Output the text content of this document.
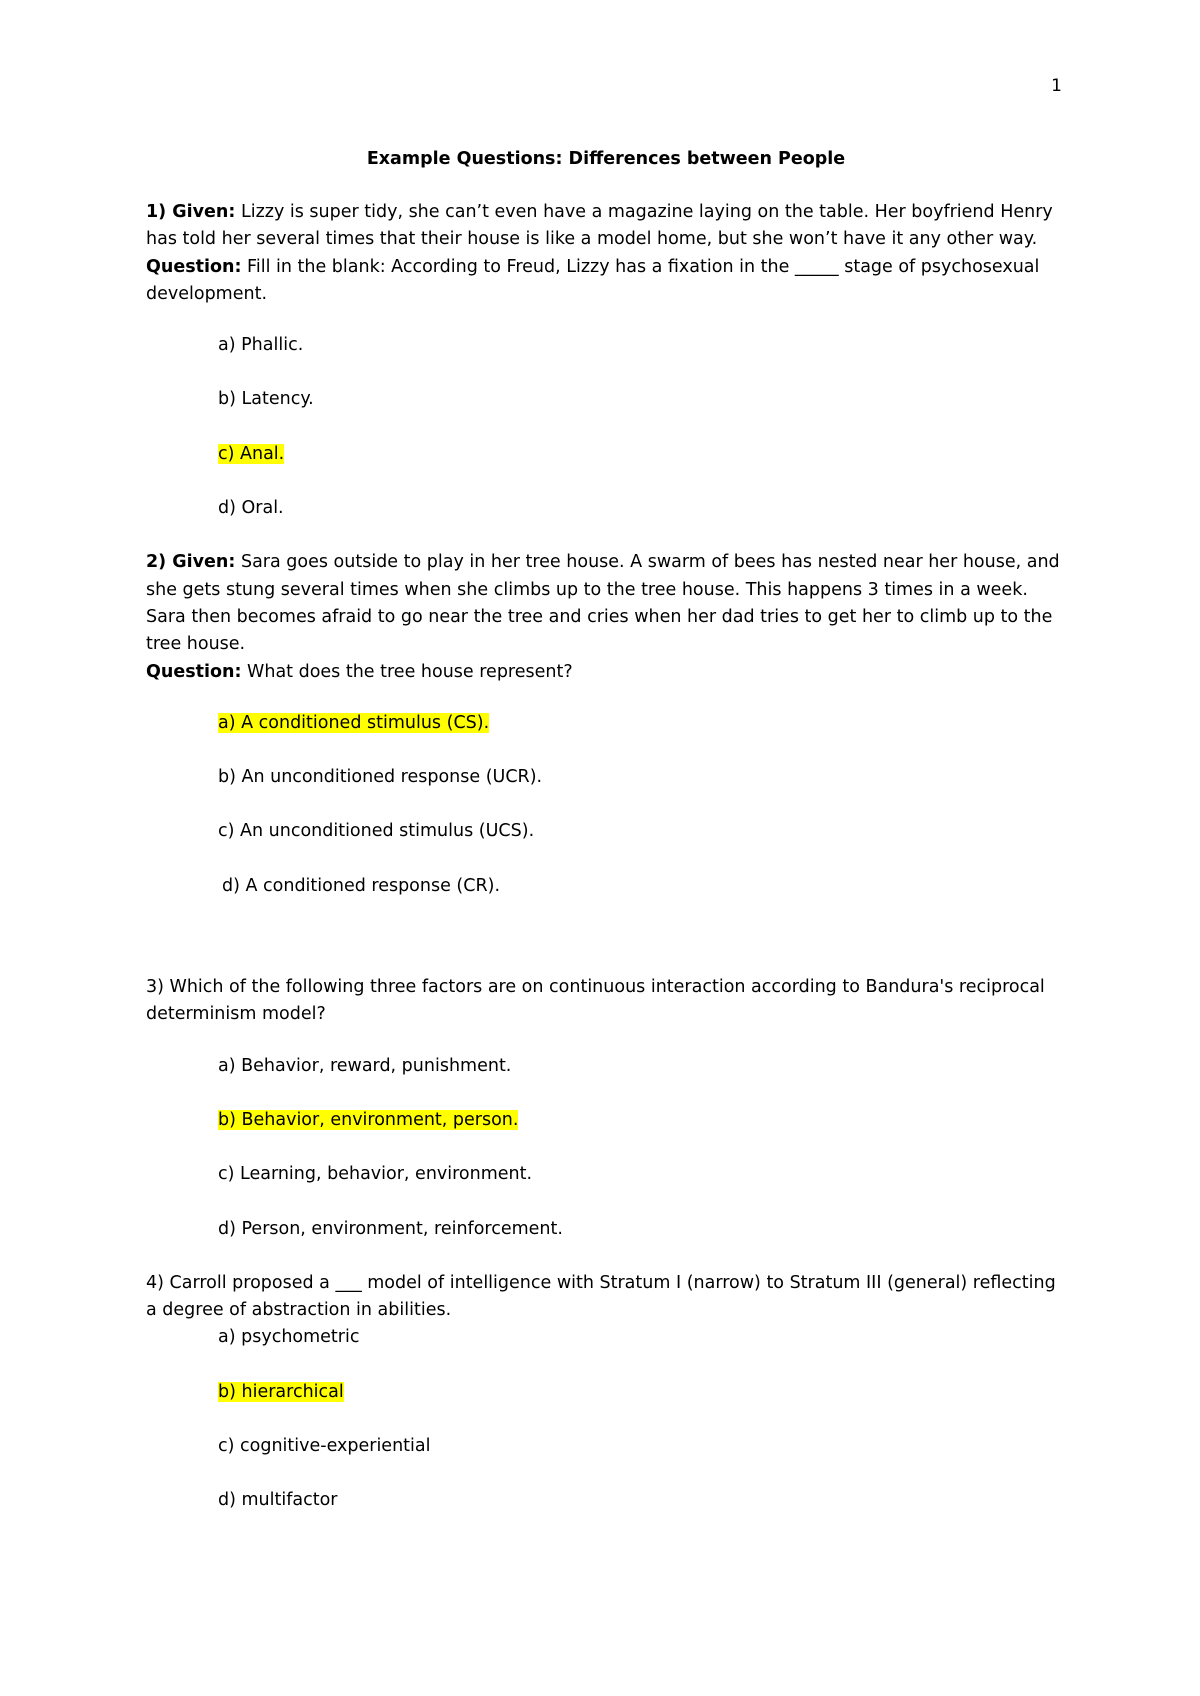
1

Example Questions: Differences between People

1) Given: Lizzy is super tidy, she can’t even have a magazine laying on the table. Her boyfriend Henry has told her several times that their house is like a model home, but she won’t have it any other way.

Question: Fill in the blank: According to Freud, Lizzy has a fixation in the _____ stage of psychosexual development.

a) Phallic.
b) Latency.
c) Anal.
d) Oral.

2) Given: Sara goes outside to play in her tree house. A swarm of bees has nested near her house, and she gets stung several times when she climbs up to the tree house. This happens 3 times in a week. Sara then becomes afraid to go near the tree and cries when her dad tries to get her to climb up to the tree house.

Question: What does the tree house represent?

a) A conditioned stimulus (CS).
b) An unconditioned response (UCR).
c) An unconditioned stimulus (UCS).
d) A conditioned response (CR).

3) Which of the following three factors are on continuous interaction according to Bandura's reciprocal determinism model?

a) Behavior, reward, punishment.
b) Behavior, environment, person.
c) Learning, behavior, environment.
d) Person, environment, reinforcement.

4) Carroll proposed a ___ model of intelligence with Stratum I (narrow) to Stratum III (general) reflecting a degree of abstraction in abilities.

a) psychometric
b) hierarchical
c) cognitive-experiential
d) multifactor
